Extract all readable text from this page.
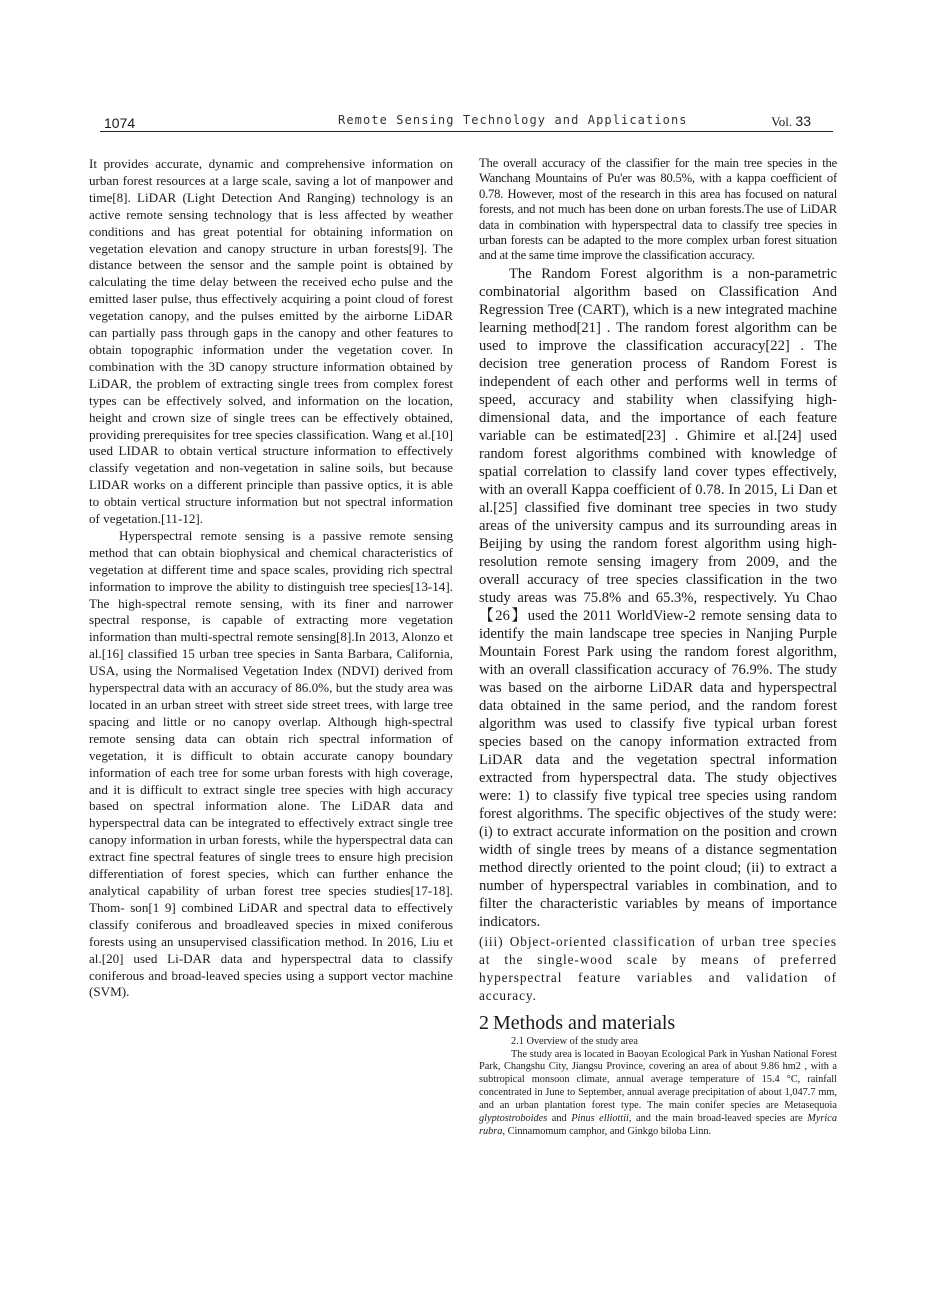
1074	Remote Sensing Technology and Applications	Vol. 33

It provides accurate, dynamic and comprehensive information on urban forest resources at a large scale, saving a lot of manpower and time[8]. LiDAR (Light Detection And Ranging) technology is an active remote sensing technology that is less affected by weather conditions and has great potential for obtaining information on vegetation elevation and canopy structure in urban forests[9]. The distance between the sensor and the sample point is obtained by calculating the time delay between the received echo pulse and the emitted laser pulse, thus effectively acquiring a point cloud of forest vegetation canopy, and the pulses emitted by the airborne LiDAR can partially pass through gaps in the canopy and other features to obtain topographic information under the vegetation cover. In combination with the 3D canopy structure information obtained by LiDAR, the problem of extracting single trees from complex forest types can be effectively solved, and information on the location, height and crown size of single trees can be effectively obtained, providing prerequisites for tree species classification. Wang et al.[10] used LIDAR to obtain vertical structure information to effectively classify vegetation and non-vegetation in saline soils, but because LIDAR works on a different principle than passive optics, it is able to obtain vertical structure information but not spectral information of vegetation.[11-12].

Hyperspectral remote sensing is a passive remote sensing method that can obtain biophysical and chemical characteristics of vegetation at different time and space scales, providing rich spectral information to improve the ability to distinguish tree species[13-14]. The high-spectral remote sensing, with its finer and narrower spectral response, is capable of extracting more vegetation information than multi-spectral remote sensing[8].In 2013, Alonzo et al.[16] classified 15 urban tree species in Santa Barbara, California, USA, using the Normalised Vegetation Index (NDVI) derived from hyperspectral data with an accuracy of 86.0%, but the study area was located in an urban street with street side street trees, with large tree spacing and little or no canopy overlap. Although high-spectral remote sensing data can obtain rich spectral information of vegetation, it is difficult to obtain accurate canopy boundary information of each tree for some urban forests with high coverage, and it is difficult to extract single tree species with high accuracy based on spectral information alone. The LiDAR data and hyperspectral data can be integrated to effectively extract single tree canopy information in urban forests, while the hyperspectral data can extract fine spectral features of single trees to ensure high precision differentiation of forest species, which can further enhance the analytical capability of urban forest tree species studies[17-18]. Thom- son[1 9] combined LiDAR and spectral data to effectively classify coniferous and broadleaved species in mixed coniferous forests using an unsupervised classification method. In 2016, Liu et al.[20] used Li-DAR data and hyperspectral data to classify coniferous and broad-leaved species using a support vector machine (SVM).

The overall accuracy of the classifier for the main tree species in the Wanchang Mountains of Pu'er was 80.5%, with a kappa coefficient of 0.78. However, most of the research in this area has focused on natural forests, and not much has been done on urban forests.The use of LiDAR data in combination with hyperspectral data to classify tree species in urban forests can be adapted to the more complex urban forest situation and at the same time improve the classification accuracy.

The Random Forest algorithm is a non-parametric combinatorial algorithm based on Classification And Regression Tree (CART), which is a new integrated machine learning method[21] . The random forest algorithm can be used to improve the classification accuracy[22] . The decision tree generation process of Random Forest is independent of each other and performs well in terms of speed, accuracy and stability when classifying high-dimensional data, and the importance of each feature variable can be estimated[23] . Ghimire et al.[24] used random forest algorithms combined with knowledge of spatial correlation to classify land cover types effectively, with an overall Kappa coefficient of 0.78. In 2015, Li Dan et al.[25] classified five dominant tree species in two study areas of the university campus and its surrounding areas in Beijing by using the random forest algorithm using high-resolution remote sensing imagery from 2009, and the overall accuracy of tree species classification in the two study areas was 75.8% and 65.3%, respectively. Yu Chao【26】used the 2011 WorldView-2 remote sensing data to identify the main landscape tree species in Nanjing Purple Mountain Forest Park using the random forest algorithm, with an overall classification accuracy of 76.9%. The study was based on the airborne LiDAR data and hyperspectral data obtained in the same period, and the random forest algorithm was used to classify five typical urban forest species based on the canopy information extracted from LiDAR data and the vegetation spectral information extracted from hyperspectral data. The study objectives were: 1) to classify five typical tree species using random forest algorithms. The specific objectives of the study were: (i) to extract accurate information on the position and crown width of single trees by means of a distance segmentation method directly oriented to the point cloud; (ii) to extract a number of hyperspectral variables in combination, and to filter the characteristic variables by means of importance indicators.

(iii) Object-oriented classification of urban tree species at the single-wood scale by means of preferred hyperspectral feature variables and validation of accuracy.

2 Methods and materials
2.1 Overview of the study area

The study area is located in Baoyan Ecological Park in Yushan National Forest Park, Changshu City, Jiangsu Province, covering an area of about 9.86 hm2 , with a subtropical monsoon climate, annual average temperature of 15.4 °C, rainfall concentrated in June to September, annual average precipitation of about 1,047.7 mm, and an urban plantation forest type. The main conifer species are Metasequoia glyptostroboides and Pinus elliottii, and the main broad-leaved species are Myrica rubra, Cinnamomum camphor, and Ginkgo biloba Linn.
